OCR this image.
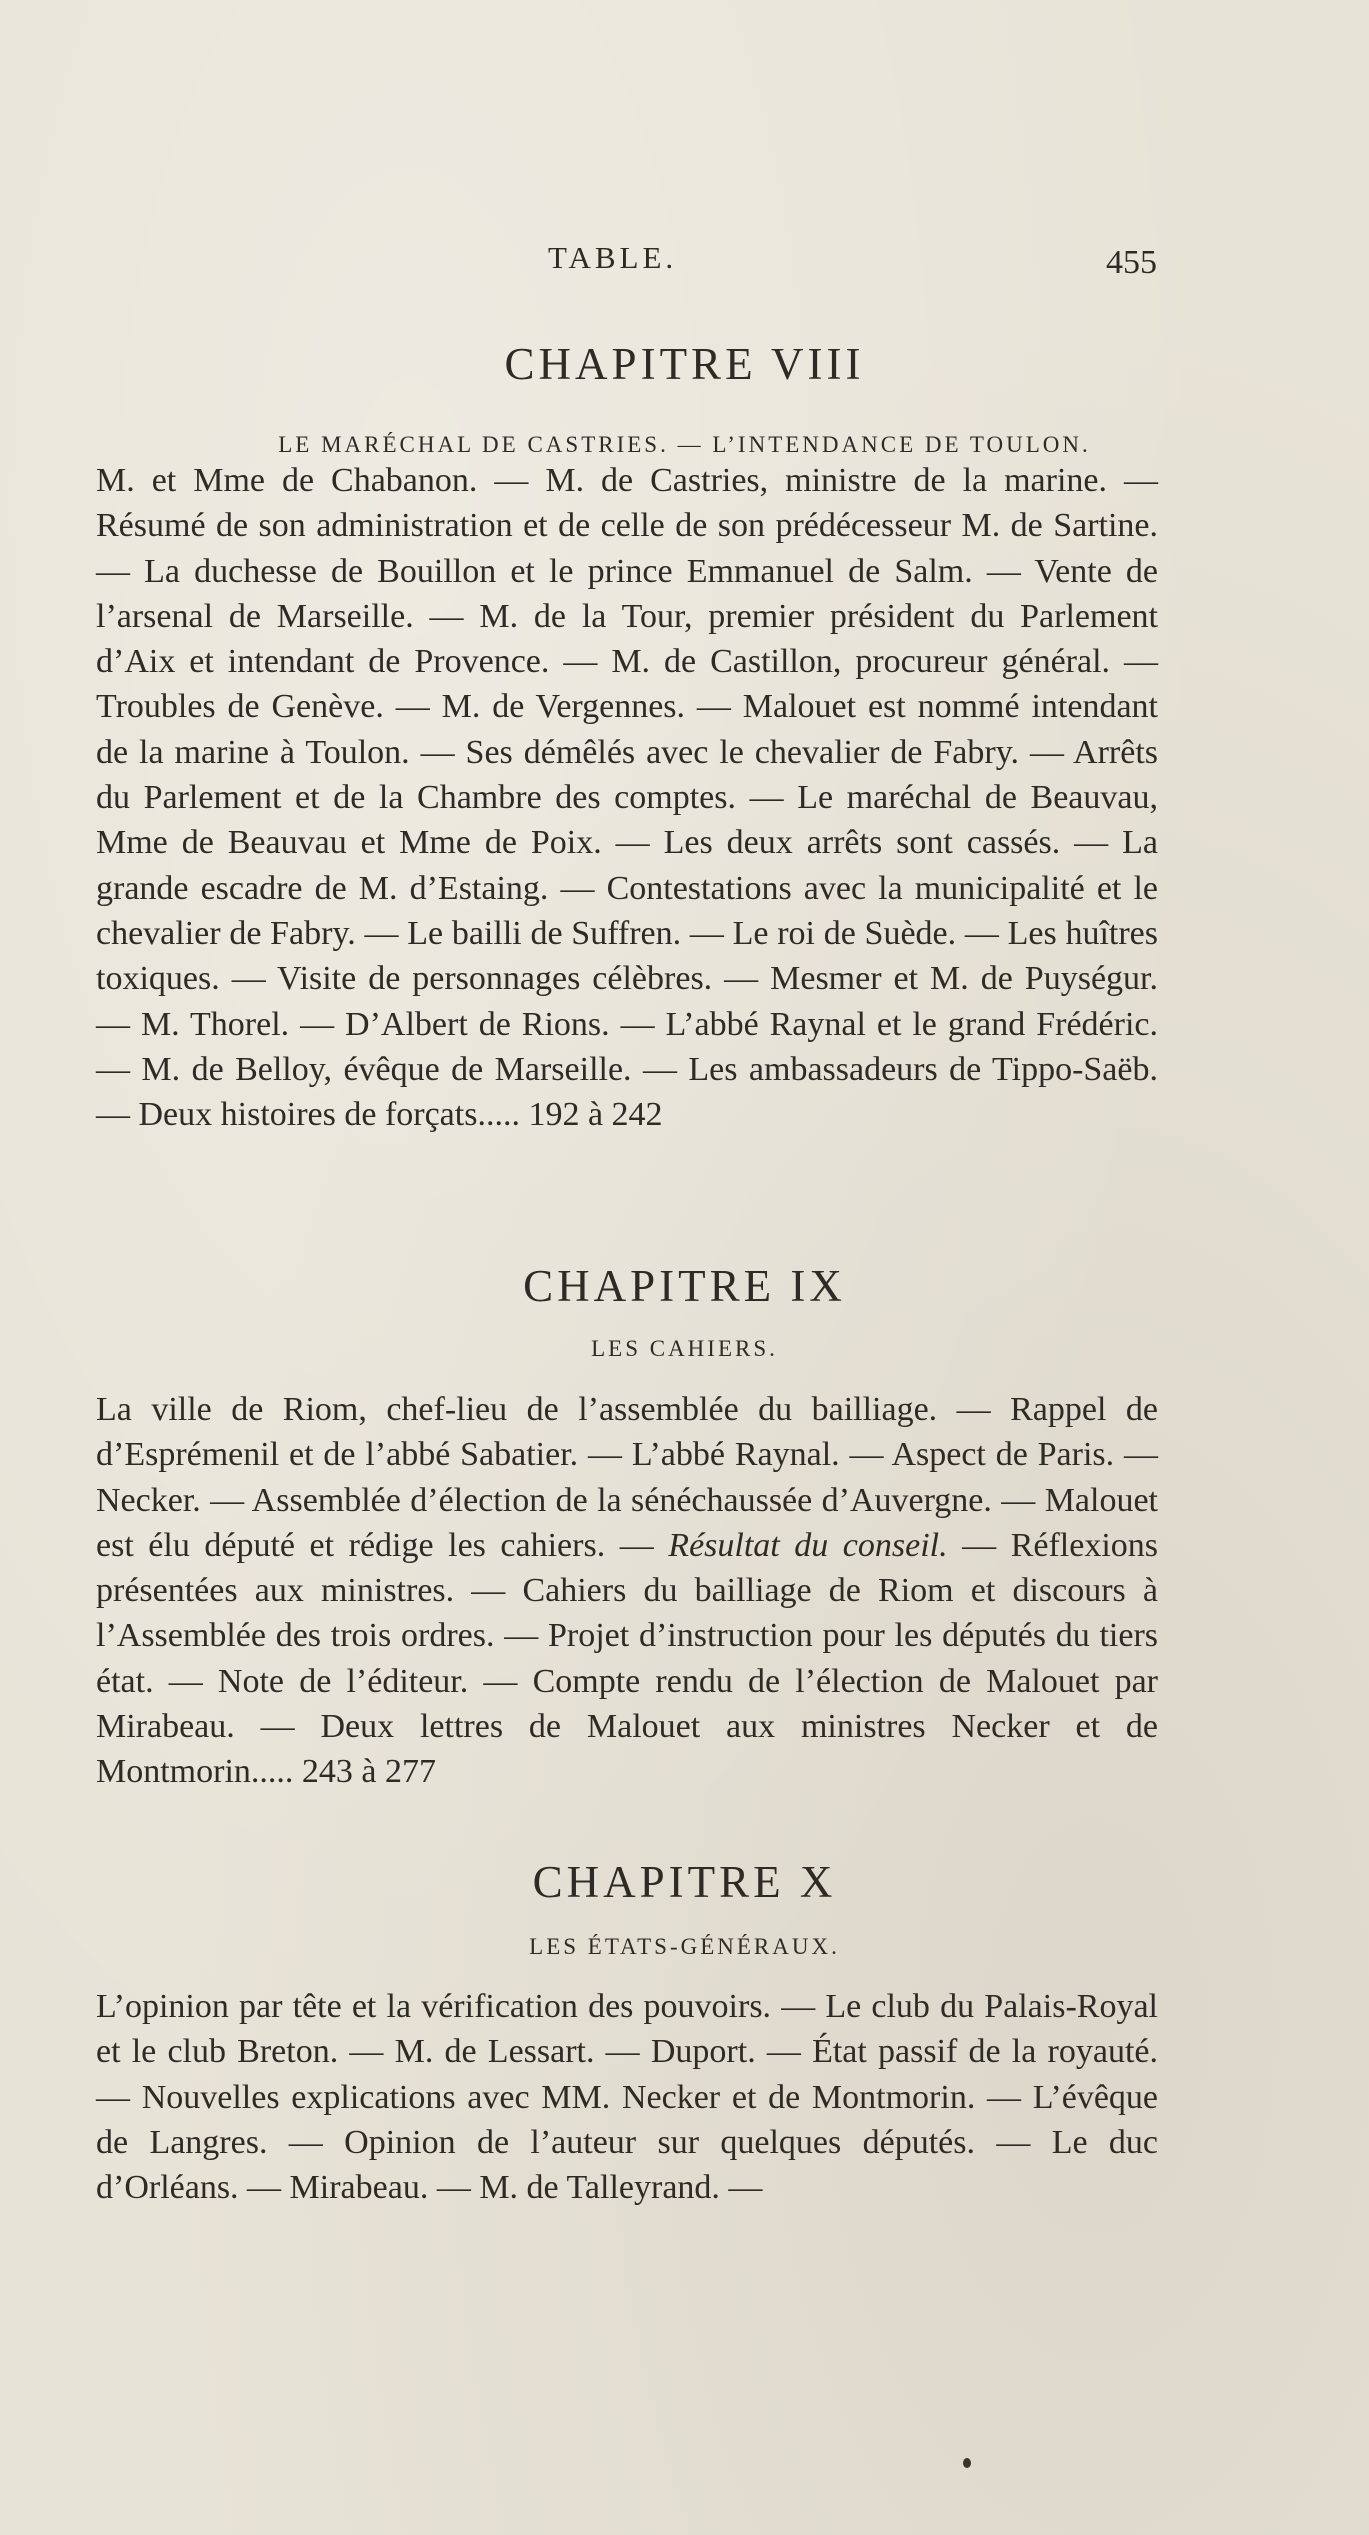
TABLE.	455
CHAPITRE VIII

LE MARÉCHAL DE CASTRIES. — L’INTENDANCE DE TOULON.

M. et Mme de Chabanon. — M. de Castries, ministre de la marine. — Résumé de son administration et de celle de son prédécesseur M. de Sartine. — La duchesse de Bouillon et le prince Emmanuel de Salm. — Vente de l’arsenal de Marseille. — M. de la Tour, premier président du Parlement d’Aix et intendant de Provence. — M. de Castillon, procureur général. — Troubles de Genève. — M. de Vergennes. — Malouet est nommé intendant de la marine à Toulon. — Ses démêlés avec le chevalier de Fabry. — Arrêts du Parlement et de la Chambre des comptes. — Le maréchal de Beauvau, Mme de Beauvau et Mme de Poix. — Les deux arrêts sont cassés. — La grande escadre de M. d’Estaing. — Contestations avec la municipalité et le chevalier de Fabry. — Le bailli de Suffren. — Le roi de Suède. — Les huîtres toxiques. — Visite de personnages célèbres. — Mesmer et M. de Puységur. — M. Thorel. — D’Albert de Rions. — L’abbé Raynal et le grand Frédéric. — M. de Belloy, évêque de Marseille. — Les ambassadeurs de Tippo-Saëb. — Deux histoires de forçats..... 192 à 242

CHAPITRE IX

LES CAHIERS.

La ville de Riom, chef-lieu de l’assemblée du bailliage. — Rappel de d’Esprémenil et de l’abbé Sabatier. — L’abbé Raynal. — Aspect de Paris. — Necker. — Assemblée d’élection de la sénéchaussée d’Auvergne. — Malouet est élu député et rédige les cahiers. — Résultat du conseil. — Réflexions présentées aux ministres. — Cahiers du bailliage de Riom et discours à l’Assemblée des trois ordres. — Projet d’instruction pour les députés du tiers état. — Note de l’éditeur. — Compte rendu de l’élection de Malouet par Mirabeau. — Deux lettres de Malouet aux ministres Necker et de Montmorin..... 243 à 277

CHAPITRE X

LES ÉTATS-GÉNÉRAUX.

L’opinion par tête et la vérification des pouvoirs. — Le club du Palais-Royal et le club Breton. — M. de Lessart. — Duport. — État passif de la royauté. — Nouvelles explications avec MM. Necker et de Montmorin. — L’évêque de Langres. — Opinion de l’auteur sur quelques députés. — Le duc d’Orléans. — Mirabeau. — M. de Talleyrand. —
